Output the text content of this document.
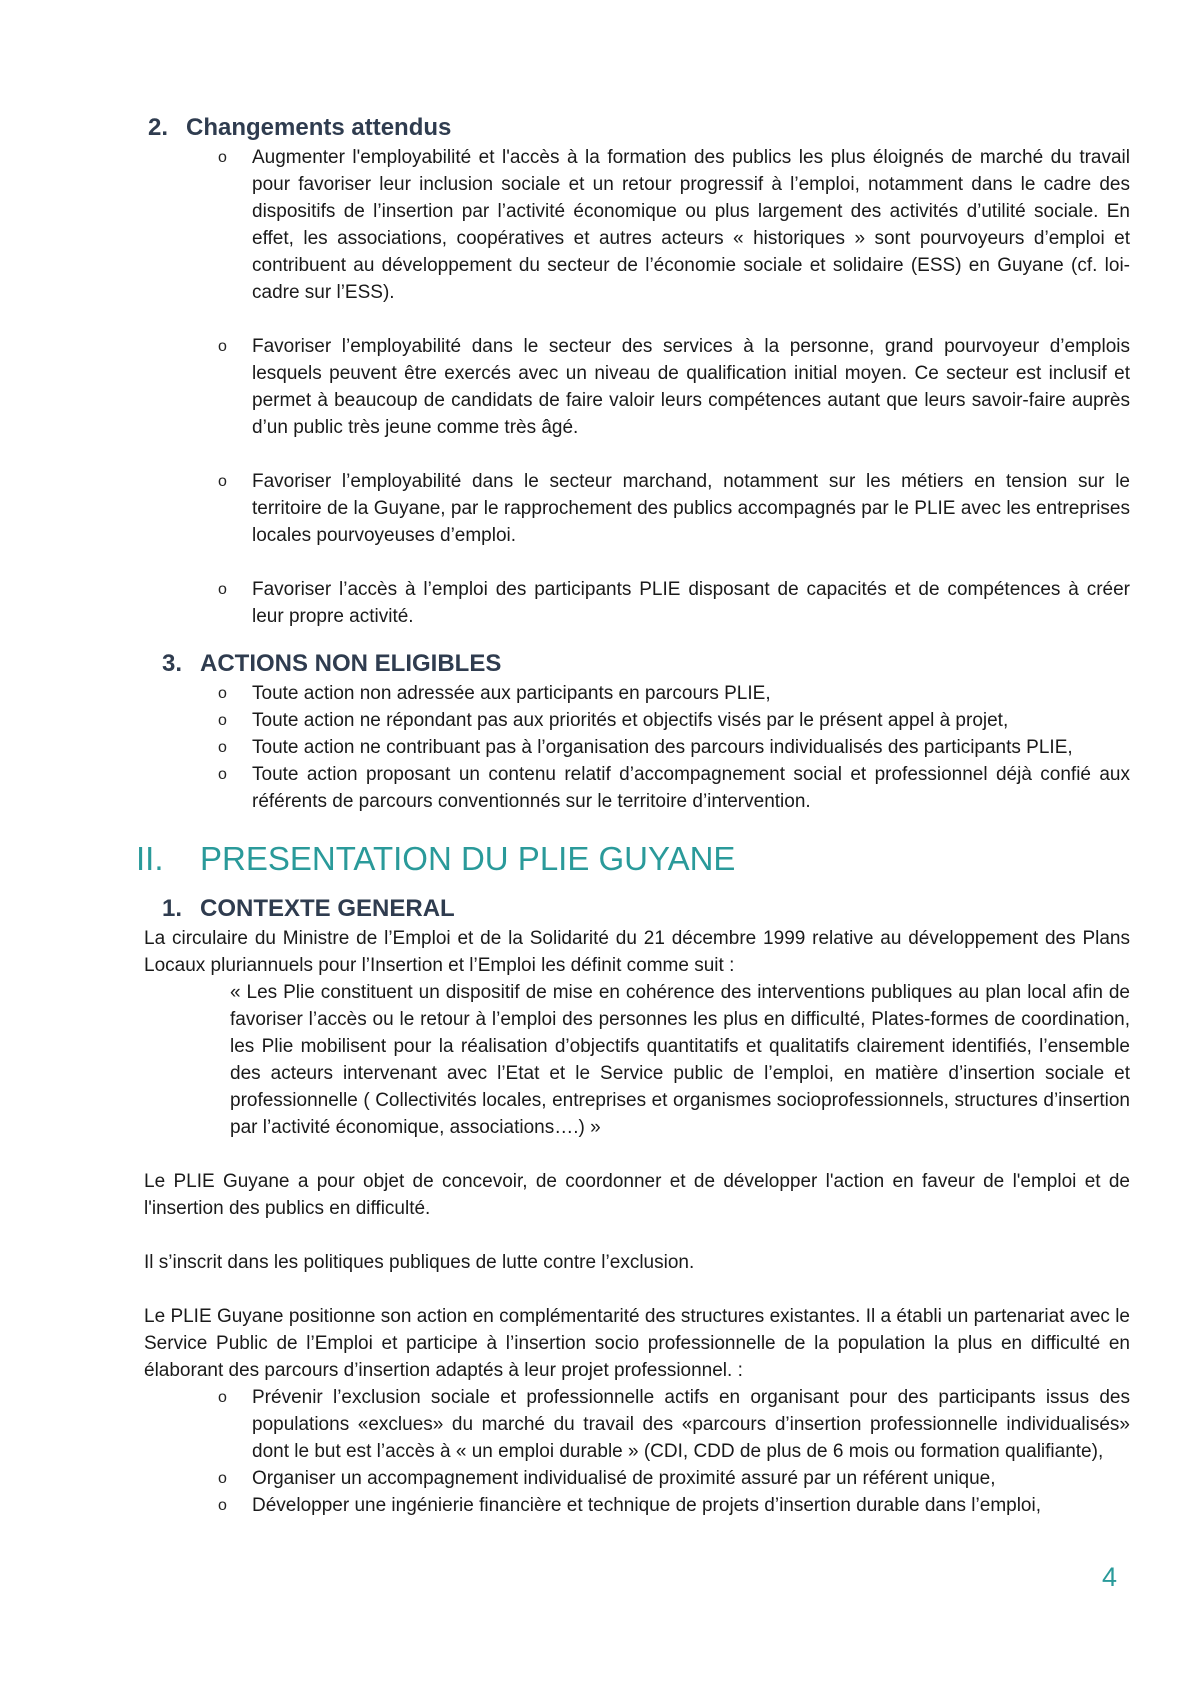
2. Changements attendus
o Augmenter l'employabilité et l'accès à la formation des publics les plus éloignés de marché du travail pour favoriser leur inclusion sociale et un retour progressif à l’emploi, notamment dans le cadre des dispositifs de l’insertion par l’activité économique ou plus largement des activités d’utilité sociale. En effet, les associations, coopératives et autres acteurs « historiques » sont pourvoyeurs d’emploi et contribuent au développement du secteur de l’économie sociale et solidaire (ESS) en Guyane (cf. loi-cadre sur l’ESS).
o Favoriser l’employabilité dans le secteur des services à la personne, grand pourvoyeur d’emplois lesquels peuvent être exercés avec un niveau de qualification initial moyen. Ce secteur est inclusif et permet à beaucoup de candidats de faire valoir leurs compétences autant que leurs savoir-faire auprès d’un public très jeune comme très âgé.
o Favoriser l’employabilité dans le secteur marchand, notamment sur les métiers en tension sur le territoire de la Guyane, par le rapprochement des publics accompagnés par le PLIE avec les entreprises locales pourvoyeuses d’emploi.
o Favoriser l’accès à l’emploi des participants PLIE disposant de capacités et de compétences à créer leur propre activité.
3. ACTIONS NON ELIGIBLES
o Toute action non adressée aux participants en parcours PLIE,
o Toute action ne répondant pas aux priorités et objectifs visés par le présent appel à projet,
o Toute action ne contribuant pas à l’organisation des parcours individualisés des participants PLIE,
o Toute action proposant un contenu relatif d’accompagnement social et professionnel déjà confié aux référents de parcours conventionnés sur le territoire d’intervention.
II. PRESENTATION DU PLIE GUYANE
1. CONTEXTE GENERAL

La circulaire du Ministre de l’Emploi et de la Solidarité du 21 décembre 1999 relative au développement des Plans Locaux pluriannuels pour l’Insertion et l’Emploi les définit comme suit :

« Les Plie constituent un dispositif de mise en cohérence des interventions publiques au plan local afin de favoriser l’accès ou le retour à l’emploi des personnes les plus en difficulté, Plates-formes de coordination, les Plie mobilisent pour la réalisation d’objectifs quantitatifs et qualitatifs clairement identifiés, l’ensemble des acteurs intervenant avec l’Etat et le Service public de l’emploi, en matière d’insertion sociale et professionnelle ( Collectivités locales, entreprises et organismes socioprofessionnels, structures d’insertion par l’activité économique, associations….) »

Le PLIE Guyane a pour objet de concevoir, de coordonner et de développer l'action en faveur de l'emploi et de l'insertion des publics en difficulté.

Il s’inscrit dans les politiques publiques de lutte contre l’exclusion.

Le PLIE Guyane positionne son action en complémentarité des structures existantes. Il a établi un partenariat avec le Service Public de l’Emploi et participe à l’insertion socio professionnelle de la population la plus en difficulté en élaborant des parcours d’insertion adaptés à leur projet professionnel. :

o Prévenir l’exclusion sociale et professionnelle actifs en organisant pour des participants issus des populations «exclues» du marché du travail des «parcours d’insertion professionnelle individualisés» dont le but est l’accès à « un emploi durable » (CDI, CDD de plus de 6 mois ou formation qualifiante),
o Organiser un accompagnement individualisé de proximité assuré par un référent unique,
o Développer une ingénierie financière et technique de projets d’insertion durable dans l’emploi,
4
